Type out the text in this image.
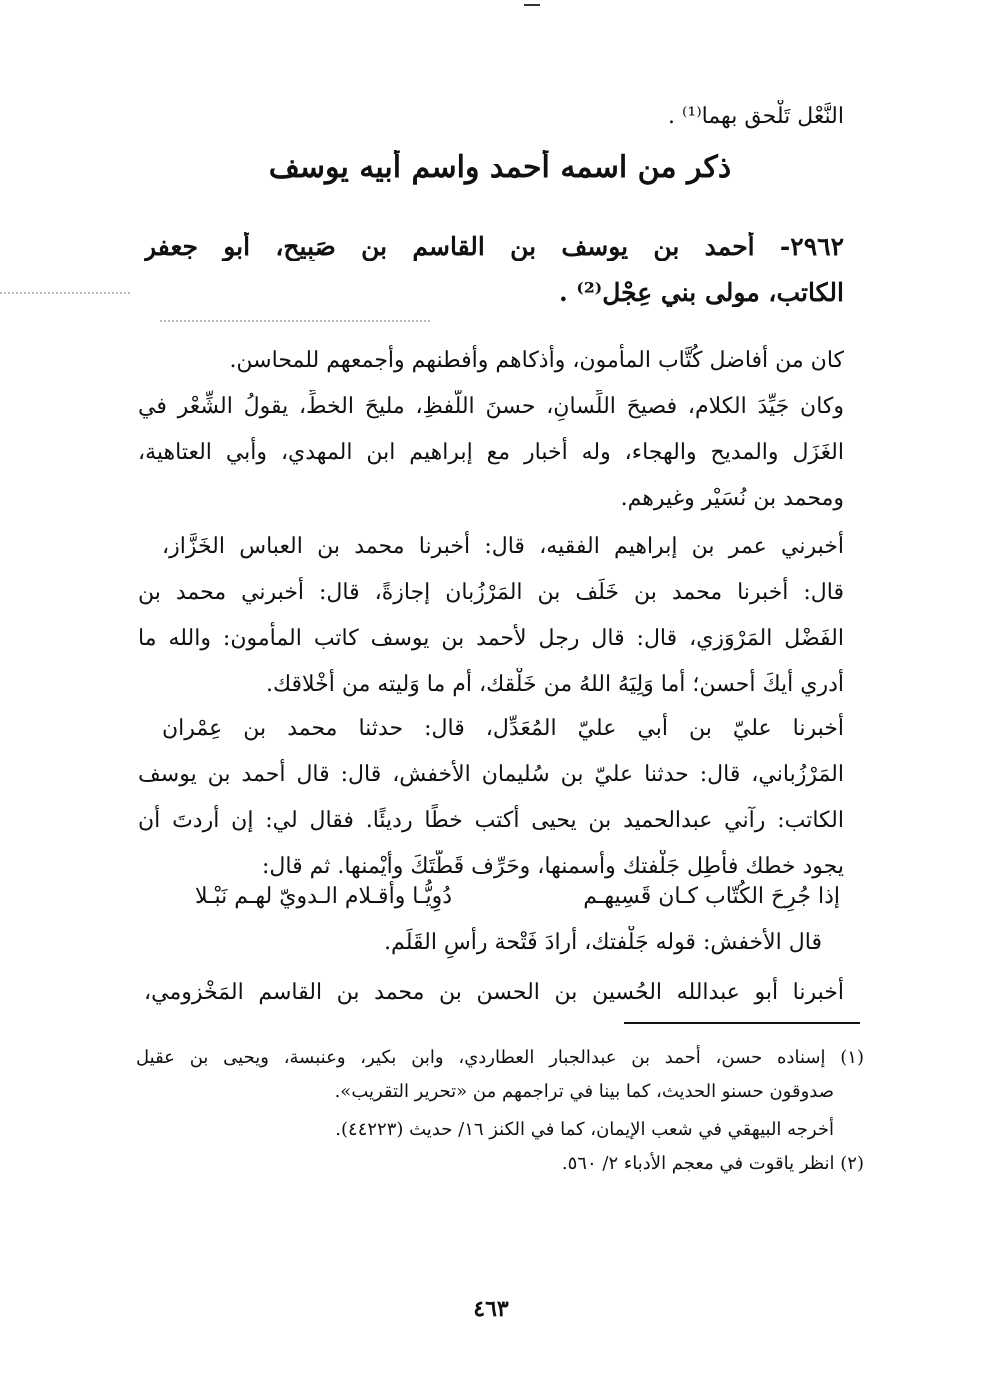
النَّعْل تَلْحق بهما⁽¹⁾ .
ذكر من اسمه أحمد واسم أبيه يوسف
٢٩٦٢- أحمد بن يوسف بن القاسم بن صَبِيح، أبو جعفر
الكاتب، مولى بني عِجْل⁽²⁾ .
كان من أفاضل كُتَّاب المأمون، وأذكاهم وأفطنهم وأجمعهم للمحاسن.
وكان جَيِّدَ الكلام، فصيحَ اللِّسانِ، حسنَ اللَّفظِ، مليحَ الخطِّ، يقولُ الشِّعْر في
الغَزَل والمديح والهجاء، وله أخبار مع إبراهيم ابن المهدي، وأبي العتاهية،
ومحمد بن نُسَيْر وغيرهم.
أخبرني عمر بن إبراهيم الفقيه، قال: أخبرنا محمد بن العباس الخَزَّاز،
قال: أخبرنا محمد بن خَلَف بن المَرْزُبان إجازةً، قال: أخبرني محمد بن
الفَضْل المَرْوَزي، قال: قال رجل لأحمد بن يوسف كاتب المأمون: والله ما
أدري أيكَ أحسن؛ أما وَلِيَهُ اللهُ من خَلْقك، أم ما وَليته من أخْلاقك.
أخبرنا عليّ بن أبي عليّ المُعَدِّل، قال: حدثنا محمد بن عِمْران
المَرْزُباني، قال: حدثنا عليّ بن سُليمان الأخفش، قال: قال أحمد بن يوسف
الكاتب: رآني عبدالحميد بن يحيى أكتب خطًا رديئًا. فقال لي: إن أردتَ أن
يجود خطك فأطِل جَلْفتك وأسمنها، وحَرِّف قَطَّتَكَ وأيْمنها. ثم قال:
إذا جُرِحَ الكُتّاب كـان قَسِيهـم
دُوِيُّـا وأقـلام الـدويّ لهـم نَبْـلا
قال الأخفش: قوله جَلْفتك، أرادَ فَتْحة رأسِ القَلَم.
أخبرنا أبو عبدالله الحُسين بن الحسن بن محمد بن القاسم المَخْزومي،
(١) إسناده حسن، أحمد بن عبدالجبار العطاردي، وابن بكير، وعنبسة، ويحيى بن عقيل
صدوقون حسنو الحديث، كما بينا في تراجمهم من «تحرير التقريب».
أخرجه البيهقي في شعب الإيمان، كما في الكنز ١٦/ حديث (٤٤٢٢٣).
(٢) انظر ياقوت في معجم الأدباء ٢/ ٥٦٠.
٤٦٣
